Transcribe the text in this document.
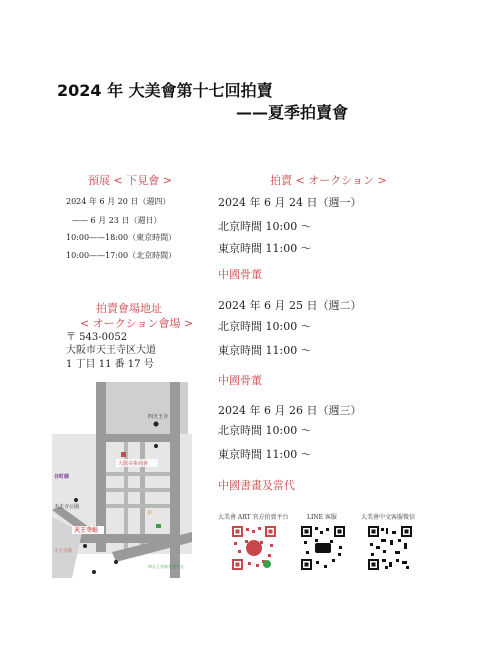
2024 年 大美會第十七回拍賣
——夏季拍賣會
預展 < 下見會 >
2024 年 6 月 20 日（週四）
—— 6 月 23 日（週日）
10:00——18:00（東京時間）
10:00——17:00（北京時間）
拍賣會場地址
< オークション會場 >
〒 543-0052
大阪市天王寺区大道
1 丁目 11 番 17 号
四天王寺
大阪美術商會
谷町線
天王寺公園
天王寺站
天王寺前
JR
四天王寺前夕陽ケ丘
拍賣 < オークション >
2024 年 6 月 24 日（週一）
北京時間 10:00 〜
東京時間 11:00 〜
中國骨董
2024 年 6 月 25 日（週二）
北京時間 10:00 〜
東京時間 11:00 〜
中國骨董
2024 年 6 月 26 日（週三）
北京時間 10:00 〜
東京時間 11:00 〜
中國書畫及當代
大美會 ART 官方拍賣平台	LINE 客服	大美會中文客服微信
